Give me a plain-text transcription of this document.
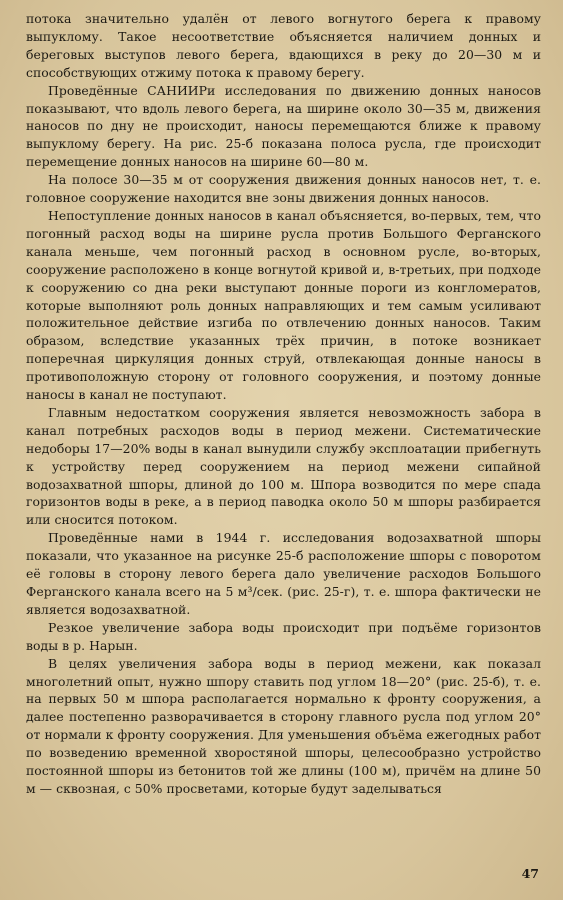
потока значительно удалён от левого вогнутого берега к правому выпуклому. Такое несоответствие объясняется наличием донных и береговых выступов левого берега, вдающихся в реку до 20—30 м и способствующих отжиму потока к правому берегу.

Проведённые САНИИРи исследования по движению донных наносов показывают, что вдоль левого берега, на ширине около 30—35 м, движения наносов по дну не происходит, наносы перемещаются ближе к правому выпуклому берегу. На рис. 25-б показана полоса русла, где происходит перемещение донных наносов на ширине 60—80 м.

На полосе 30—35 м от сооружения движения донных наносов нет, т. е. головное сооружение находится вне зоны движения донных наносов.

Непоступление донных наносов в канал объясняется, во-первых, тем, что погонный расход воды на ширине русла против Большого Ферганского канала меньше, чем погонный расход в основном русле, во-вторых, сооружение расположено в конце вогнутой кривой и, в-третьих, при подходе к сооружению со дна реки выступают донные пороги из конгломератов, которые выполняют роль донных направляющих и тем самым усиливают положительное действие изгиба по отвлечению донных наносов. Таким образом, вследствие указанных трёх причин, в потоке возникает поперечная циркуляция донных струй, отвлекающая донные наносы в противоположную сторону от головного сооружения, и поэтому донные наносы в канал не поступают.

Главным недостатком сооружения является невозможность забора в канал потребных расходов воды в период межени. Систематические недоборы 17—20% воды в канал вынудили службу эксплоатации прибегнуть к устройству перед сооружением на период межени сипайной водозахватной шпоры, длиной до 100 м. Шпора возводится по мере спада горизонтов воды в реке, а в период паводка около 50 м шпоры разбирается или сносится потоком.

Проведённые нами в 1944 г. исследования водозахватной шпоры показали, что указанное на рисунке 25-б расположение шпоры с поворотом её головы в сторону левого берега дало увеличение расходов Большого Ферганского канала всего на 5 м³/сек. (рис. 25-г), т. е. шпора фактически не является водозахватной.

Резкое увеличение забора воды происходит при подъёме горизонтов воды в р. Нарын.

В целях увеличения забора воды в период межени, как показал многолетний опыт, нужно шпору ставить под углом 18—20° (рис. 25-б), т. е. на первых 50 м шпора располагается нормально к фронту сооружения, а далее постепенно разворачивается в сторону главного русла под углом 20° от нормали к фронту сооружения. Для уменьшения объёма ежегодных работ по возведению временной хворостяной шпоры, целесообразно устройство постоянной шпоры из бетонитов той же длины (100 м), причём на длине 50 м — сквозная, с 50% просветами, которые будут заделываться

47
